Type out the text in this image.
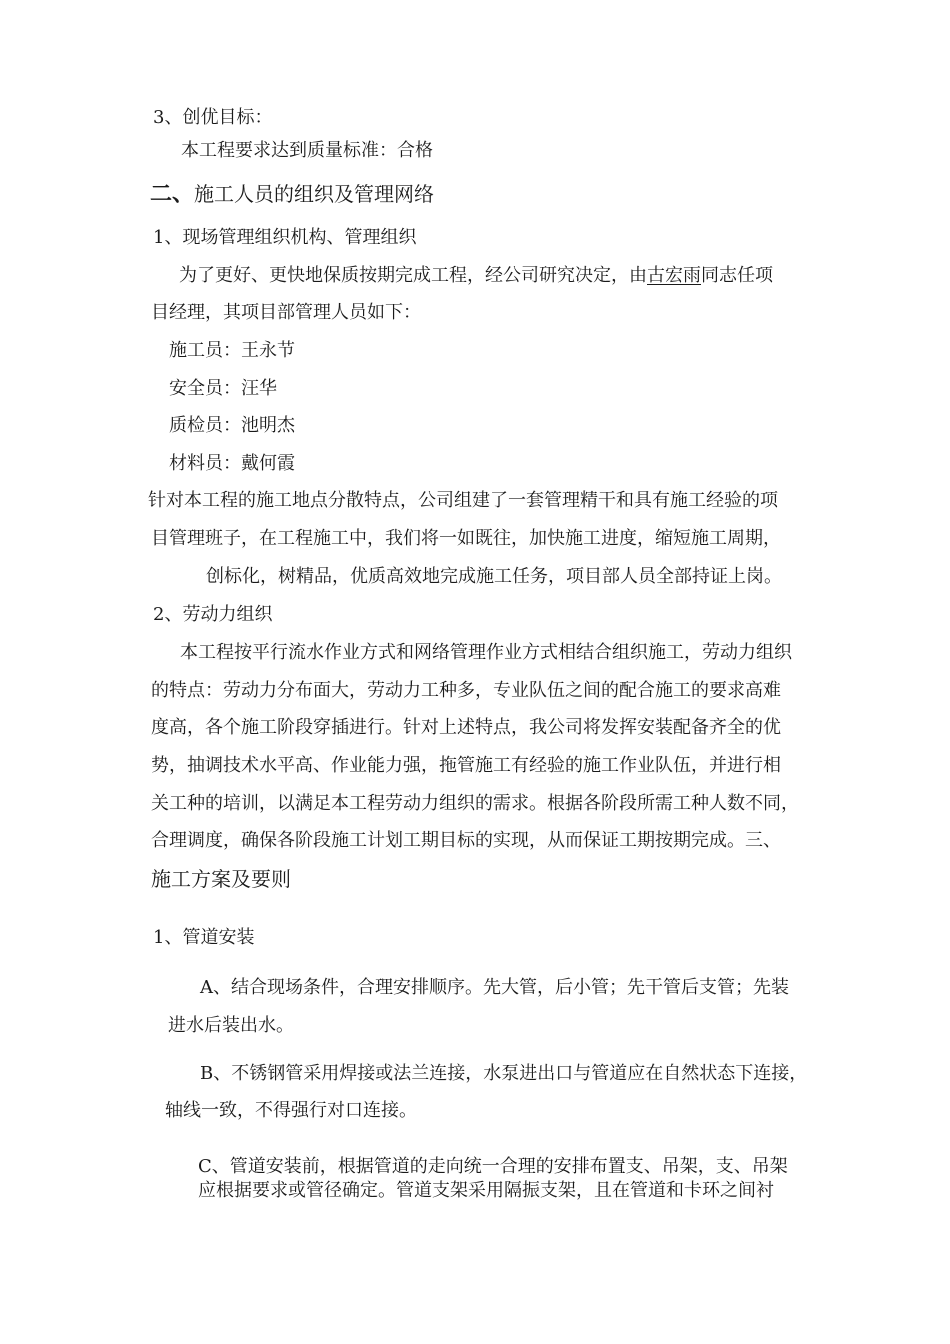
3、创优目标：
本工程要求达到质量标准：合格
二、施工人员的组织及管理网络
1、现场管理组织机构、管理组织
为了更好、更快地保质按期完成工程，经公司研究决定，由古宏雨同志任项
目经理，其项目部管理人员如下：
施工员：王永节
安全员：汪华
质检员：池明杰
材料员：戴何霞
针对本工程的施工地点分散特点，公司组建了一套管理精干和具有施工经验的项
目管理班子，在工程施工中，我们将一如既往，加快施工进度，缩短施工周期，
创标化，树精品，优质高效地完成施工任务，项目部人员全部持证上岗。
2、劳动力组织
本工程按平行流水作业方式和网络管理作业方式相结合组织施工，劳动力组织
的特点：劳动力分布面大，劳动力工种多，专业队伍之间的配合施工的要求高难
度高，各个施工阶段穿插进行。针对上述特点，我公司将发挥安装配备齐全的优
势，抽调技术水平高、作业能力强，拖管施工有经验的施工作业队伍，并进行相
关工种的培训，以满足本工程劳动力组织的需求。根据各阶段所需工种人数不同，
合理调度，确保各阶段施工计划工期目标的实现，从而保证工期按期完成。三、
施工方案及要则
1、管道安装
A、结合现场条件，合理安排顺序。先大管，后小管；先干管后支管；先装
进水后装出水。
B、不锈钢管采用焊接或法兰连接，水泵进出口与管道应在自然状态下连接，
轴线一致，不得强行对口连接。
C、管道安装前，根据管道的走向统一合理的安排布置支、吊架，支、吊架
应根据要求或管径确定。管道支架采用隔振支架，且在管道和卡环之间衬
